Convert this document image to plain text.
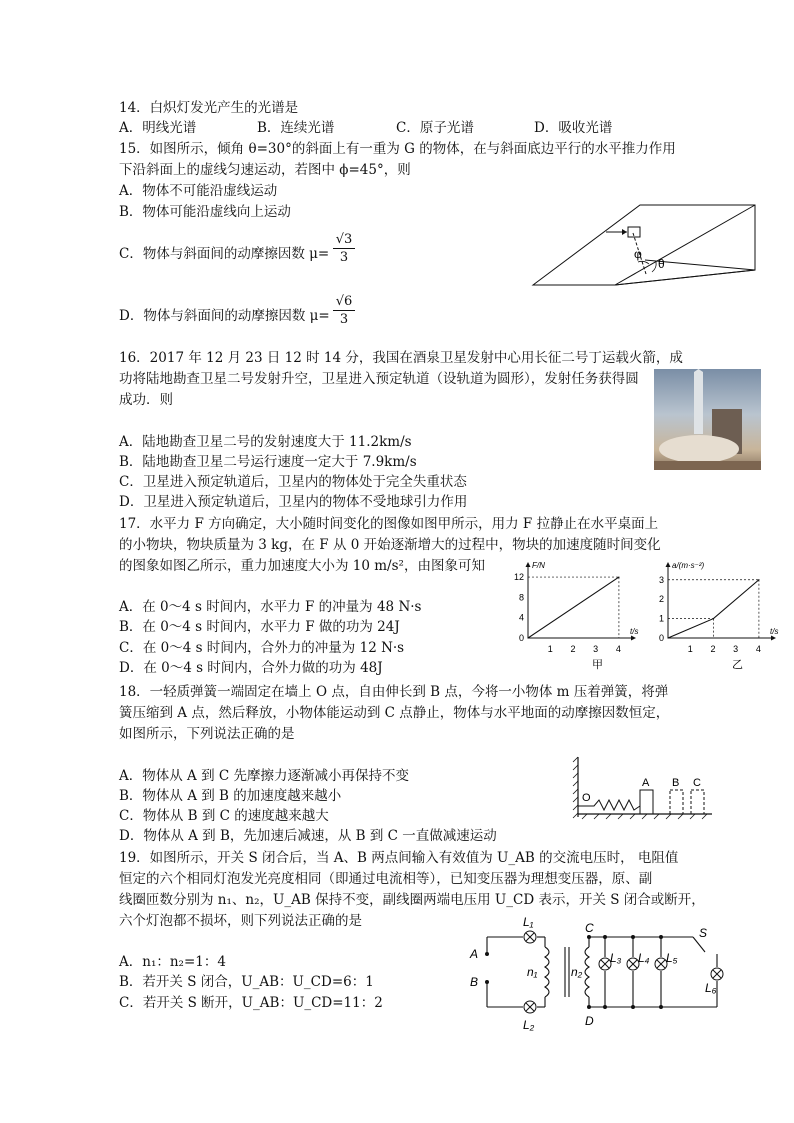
14．白炽灯发光产生的光谱是
A．明线光谱	B．连续光谱	C．原子光谱	D．吸收光谱
15．如图所示，倾角 θ=30°的斜面上有一重为 G 的物体，在与斜面底边平行的水平推力作用
下沿斜面上的虚线匀速运动，若图中 ϕ=45°，则
A．物体不可能沿虚线运动
B．物体可能沿虚线向上运动
C．物体与斜面间的动摩擦因数 μ=
√3
3
D．物体与斜面间的动摩擦因数 μ=
√6
3
φ
θ
16．2017 年 12 月 23 日 12 时 14 分，我国在酒泉卫星发射中心用长征二号丁运载火箭，成
功将陆地勘查卫星二号发射升空，卫星进入预定轨道（设轨道为圆形），发射任务获得圆
成功．则
A．陆地勘查卫星二号的发射速度大于 11.2km/s
B．陆地勘查卫星二号运行速度一定大于 7.9km/s
C．卫星进入预定轨道后，卫星内的物体处于完全失重状态
D．卫星进入预定轨道后，卫星内的物体不受地球引力作用
17．水平力 F 方向确定，大小随时间变化的图像如图甲所示，用力 F 拉静止在水平桌面上
的小物块，物块质量为 3 kg，在 F 从 0 开始逐渐增大的过程中，物块的加速度随时间变化
的图象如图乙所示，重力加速度大小为 10 m/s²，由图象可知
A．在 0～4 s 时间内，水平力 F 的冲量为 48 N·s
B．在 0～4 s 时间内，水平力 F 做的功为 24J
C．在 0～4 s 时间内，合外力的冲量为 12 N·s
D．在 0～4 s 时间内，合外力做的功为 48J
1 2 3 4
0
4
8
12
F/N
t/s
甲
1 2 3 4
0
1
2
3
a/(m·s⁻²)
t/s
乙
18．一轻质弹簧一端固定在墙上 O 点，自由伸长到 B 点，今将一小物体 m 压着弹簧，将弹
簧压缩到 A 点，然后释放，小物体能运动到 C 点静止，物体与水平地面的动摩擦因数恒定，
如图所示，下列说法正确的是
A．物体从 A 到 C 先摩擦力逐渐减小再保持不变
B．物体从 A 到 B 的加速度越来越小
C．物体从 B 到 C 的速度越来越大
D．物体从 A 到 B，先加速后减速，从 B 到 C 一直做减速运动
O
A B C
19．如图所示，开关 S 闭合后，当 A、B 两点间输入有效值为 U_AB 的交流电压时， 电阻值
恒定的六个相同灯泡发光亮度相同（即通过电流相等），已知变压器为理想变压器，原、副
线圈匝数分别为 n₁、n₂，U_AB 保持不变，副线圈两端电压用 U_CD 表示，开关 S 闭合或断开，
六个灯泡都不损坏，则下列说法正确的是
A．n₁：n₂=1：4
B．若开关 S 闭合，U_AB：U_CD=6：1
C．若开关 S 断开，U_AB：U_CD=11：2
A
B
C
D
n₁	n₂
L₁
L₂
L₃ L₄ L₅
L₆
S
